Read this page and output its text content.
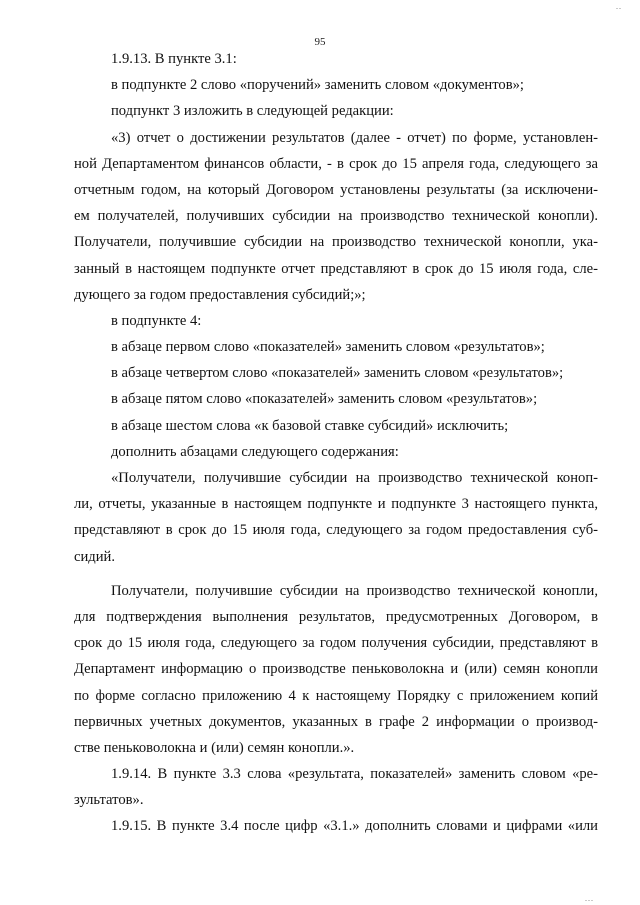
..
95
1.9.13. В пункте 3.1:
в подпункте 2 слово «поручений» заменить словом «документов»;
подпункт 3 изложить в следующей редакции:
«3) отчет о достижении результатов (далее - отчет) по форме, установлен-
ной Департаментом финансов области, - в срок до 15 апреля года, следующего за
отчетным годом, на который Договором установлены результаты (за исключени-
ем получателей, получивших субсидии на производство технической конопли).
Получатели, получившие субсидии на производство технической конопли, ука-
занный в настоящем подпункте отчет представляют в срок до 15 июля года, сле-
дующего за годом предоставления субсидий;»;
в подпункте 4:
в абзаце первом слово «показателей» заменить словом «результатов»;
в абзаце четвертом слово «показателей» заменить словом «результатов»;
в абзаце пятом слово «показателей» заменить словом «результатов»;
в абзаце шестом слова «к базовой ставке субсидий» исключить;
дополнить абзацами следующего содержания:
«Получатели, получившие субсидии на производство технической коноп-
ли, отчеты, указанные в настоящем подпункте и подпункте 3 настоящего пункта,
представляют в срок до 15 июля года, следующего за годом предоставления суб-
сидий.
Получатели, получившие субсидии на производство технической конопли,
для подтверждения выполнения результатов, предусмотренных Договором, в
срок до 15 июля года, следующего за годом получения субсидии, представляют в
Департамент информацию о производстве пеньковолокна и (или) семян конопли
по форме согласно приложению 4 к настоящему Порядку с приложением копий
первичных учетных документов, указанных в графе 2 информации о производ-
стве пеньковолокна и (или) семян конопли.».
1.9.14. В пункте 3.3 слова «результата, показателей» заменить словом «ре-
зультатов».
1.9.15. В пункте 3.4 после цифр «3.1.» дополнить словами и цифрами «или
...
